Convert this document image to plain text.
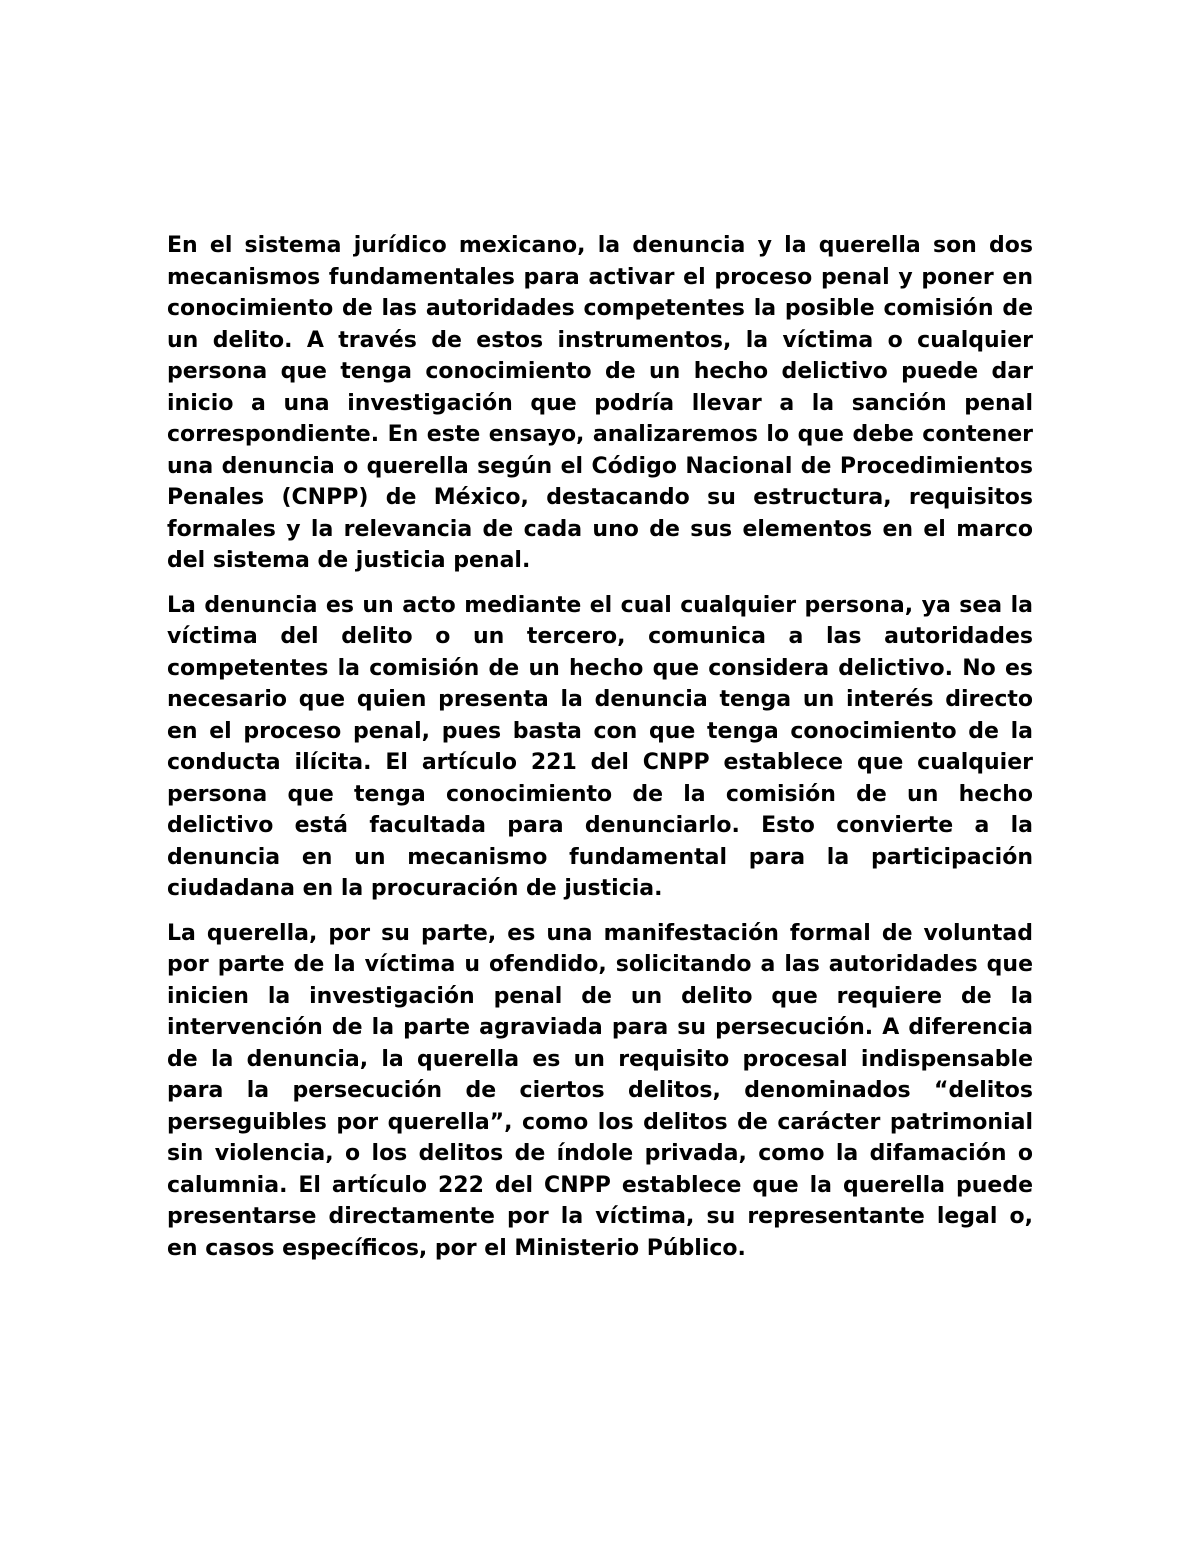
En el sistema jurídico mexicano, la denuncia y la querella son dos mecanismos fundamentales para activar el proceso penal y poner en conocimiento de las autoridades competentes la posible comisión de un delito. A través de estos instrumentos, la víctima o cualquier persona que tenga conocimiento de un hecho delictivo puede dar inicio a una investigación que podría llevar a la sanción penal correspondiente. En este ensayo, analizaremos lo que debe contener una denuncia o querella según el Código Nacional de Procedimientos Penales (CNPP) de México, destacando su estructura, requisitos formales y la relevancia de cada uno de sus elementos en el marco del sistema de justicia penal.

La denuncia es un acto mediante el cual cualquier persona, ya sea la víctima del delito o un tercero, comunica a las autoridades competentes la comisión de un hecho que considera delictivo. No es necesario que quien presenta la denuncia tenga un interés directo en el proceso penal, pues basta con que tenga conocimiento de la conducta ilícita. El artículo 221 del CNPP establece que cualquier persona que tenga conocimiento de la comisión de un hecho delictivo está facultada para denunciarlo. Esto convierte a la denuncia en un mecanismo fundamental para la participación ciudadana en la procuración de justicia.

La querella, por su parte, es una manifestación formal de voluntad por parte de la víctima u ofendido, solicitando a las autoridades que inicien la investigación penal de un delito que requiere de la intervención de la parte agraviada para su persecución. A diferencia de la denuncia, la querella es un requisito procesal indispensable para la persecución de ciertos delitos, denominados “delitos perseguibles por querella”, como los delitos de carácter patrimonial sin violencia, o los delitos de índole privada, como la difamación o calumnia. El artículo 222 del CNPP establece que la querella puede presentarse directamente por la víctima, su representante legal o, en casos específicos, por el Ministerio Público.
